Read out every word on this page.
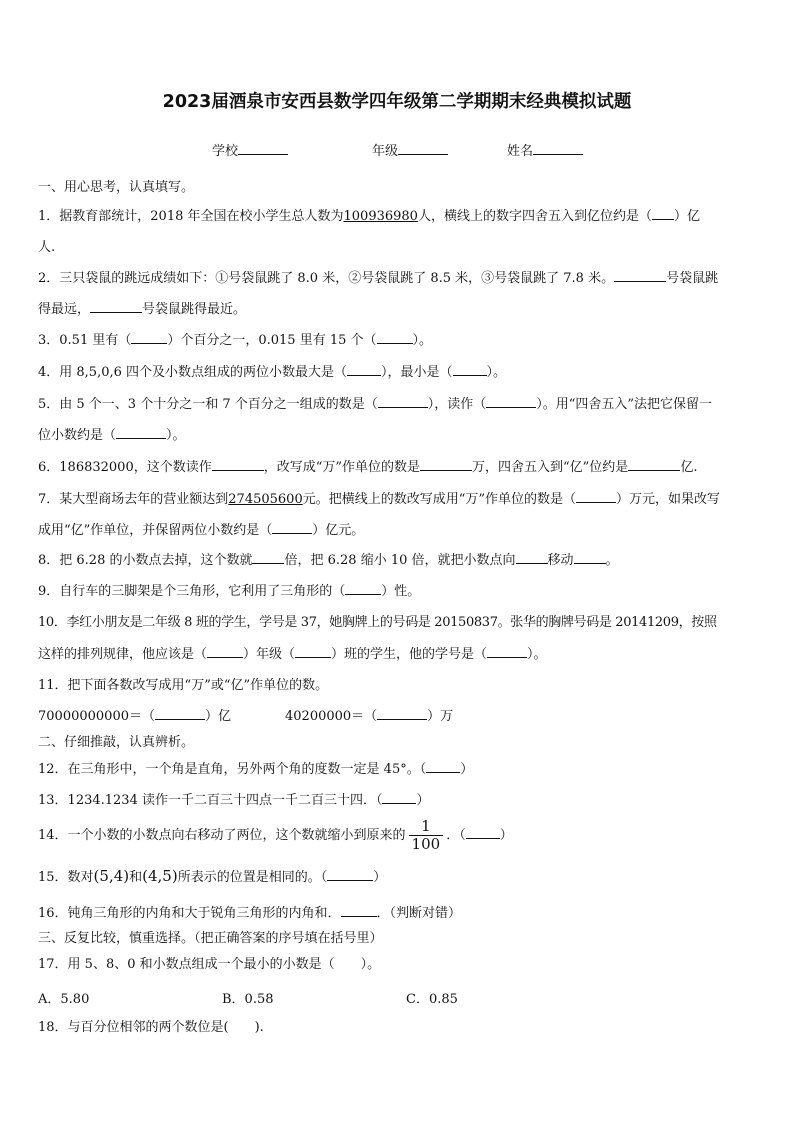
2023届酒泉市安西县数学四年级第二学期期末经典模拟试题
学校	年级	姓名
一、用心思考，认真填写。
1．据教育部统计，2018 年全国在校小学生总人数为100936980人，横线上的数字四舍五入到亿位约是（ ）亿
人.
2．三只袋鼠的跳远成绩如下：①号袋鼠跳了 8.0 米，②号袋鼠跳了 8.5 米，③号袋鼠跳了 7.8 米。	号袋鼠跳
得最远，	号袋鼠跳得最近。
3．0.51 里有（	）个百分之一，0.015 里有 15 个（	）。
4．用 8,5,0,6 四个及小数点组成的两位小数最大是（	），最小是（	）。
5．由 5 个一、3 个十分之一和 7 个百分之一组成的数是（	），读作（	）。用“四舍五入”法把它保留一
位小数约是（	）。
6．186832000，这个数读作	，改写成“万”作单位的数是	万，四舍五入到“亿”位约是	亿.
7．某大型商场去年的营业额达到274505600元。把横线上的数改写成用“万”作单位的数是（	）万元，如果改写
成用“亿”作单位，并保留两位小数约是（	）亿元。
8．把 6.28 的小数点去掉，这个数就 倍，把 6.28 缩小 10 倍，就把小数点向 移动 。
9．自行车的三脚架是个三角形，它利用了三角形的（	）性。
10．李红小朋友是二年级 8 班的学生，学号是 37，她胸牌上的号码是 20150837。张华的胸牌号码是 20141209，按照
这样的排列规律，他应该是（	）年级（	）班的学生，他的学号是（	）。
11．把下面各数改写成用“万”或“亿”作单位的数。
70000000000＝（	）亿	40200000＝（	）万
二、仔细推敲，认真辨析。
12．在三角形中，一个角是直角，另外两个角的度数一定是 45°。（	）
13．1234.1234 读作一千二百三十四点一千二百三十四．（	）
14．一个小数的小数点向右移动了两位，这个数就缩小到原来的 $\frac{1}{100}$ ．（	）
15．数对(5,4)和(4,5)所表示的位置是相同的。（	）
16．钝角三角形的内角和大于锐角三角形的内角和．	．（判断对错）
三、反复比较，慎重选择。（把正确答案的序号填在括号里）
17．用 5、8、0 和小数点组成一个最小的小数是（　　）。
A．5.80	B．0.58	C．0.85
18．与百分位相邻的两个数位是(　　).
